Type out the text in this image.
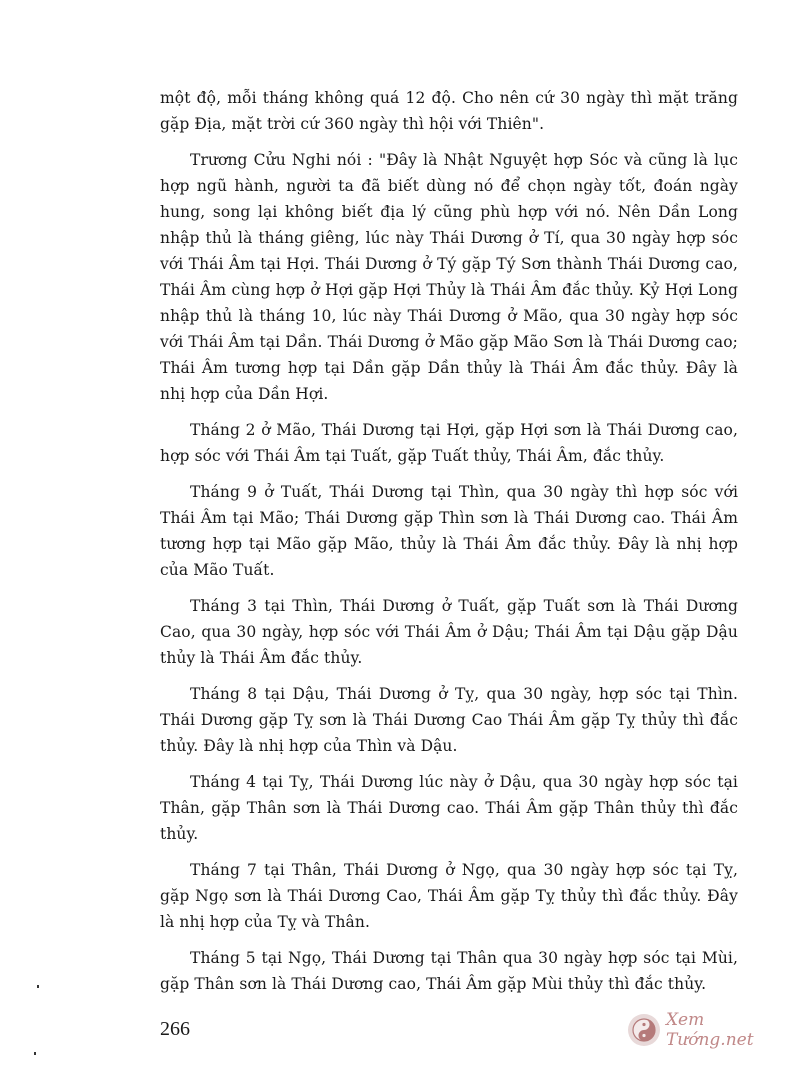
một độ, mỗi tháng không quá 12 độ. Cho nên cứ 30 ngày thì mặt trăng gặp Địa, mặt trời cứ 360 ngày thì hội với Thiên".

Trương Cửu Nghi nói : "Đây là Nhật Nguyệt hợp Sóc và cũng là lục hợp ngũ hành, người ta đã biết dùng nó để chọn ngày tốt, đoán ngày hung, song lại không biết địa lý cũng phù hợp với nó. Nên Dần Long nhập thủ là tháng giêng, lúc này Thái Dương ở Tí, qua 30 ngày hợp sóc với Thái Âm tại Hợi. Thái Dương ở Tý gặp Tý Sơn thành Thái Dương cao, Thái Âm cùng hợp ở Hợi gặp Hợi Thủy là Thái Âm đắc thủy. Kỷ Hợi Long nhập thủ là tháng 10, lúc này Thái Dương ở Mão, qua 30 ngày hợp sóc với Thái Âm tại Dần. Thái Dương ở Mão gặp Mão Sơn là Thái Dương cao; Thái Âm tương hợp tại Dần gặp Dần thủy là Thái Âm đắc thủy. Đây là nhị hợp của Dần Hợi.

Tháng 2 ở Mão, Thái Dương tại Hợi, gặp Hợi sơn là Thái Dương cao, hợp sóc với Thái Âm tại Tuất, gặp Tuất thủy, Thái Âm, đắc thủy.

Tháng 9 ở Tuất, Thái Dương tại Thìn, qua 30 ngày thì hợp sóc với Thái Âm tại Mão; Thái Dương gặp Thìn sơn là Thái Dương cao. Thái Âm tương hợp tại Mão gặp Mão, thủy là Thái Âm đắc thủy. Đây là nhị hợp của Mão Tuất.

Tháng 3 tại Thìn, Thái Dương ở Tuất, gặp Tuất sơn là Thái Dương Cao, qua 30 ngày, hợp sóc với Thái Âm ở Dậu; Thái Âm tại Dậu gặp Dậu thủy là Thái Âm đắc thủy.

Tháng 8 tại Dậu, Thái Dương ở Tỵ, qua 30 ngày, hợp sóc tại Thìn. Thái Dương gặp Tỵ sơn là Thái Dương Cao Thái Âm gặp Tỵ thủy thì đắc thủy. Đây là nhị hợp của Thìn và Dậu.

Tháng 4 tại Tỵ, Thái Dương lúc này ở Dậu, qua 30 ngày hợp sóc tại Thân, gặp Thân sơn là Thái Dương cao. Thái Âm gặp Thân thủy thì đắc thủy.

Tháng 7 tại Thân, Thái Dương ở Ngọ, qua 30 ngày hợp sóc tại Tỵ, gặp Ngọ sơn là Thái Dương Cao, Thái Âm gặp Tỵ thủy thì đắc thủy. Đây là nhị hợp của Tỵ và Thân.

Tháng 5 tại Ngọ, Thái Dương tại Thân qua 30 ngày hợp sóc tại Mùi, gặp Thân sơn là Thái Dương cao, Thái Âm gặp Mùi thủy thì đắc thủy.

266	Xem Tướng.net
